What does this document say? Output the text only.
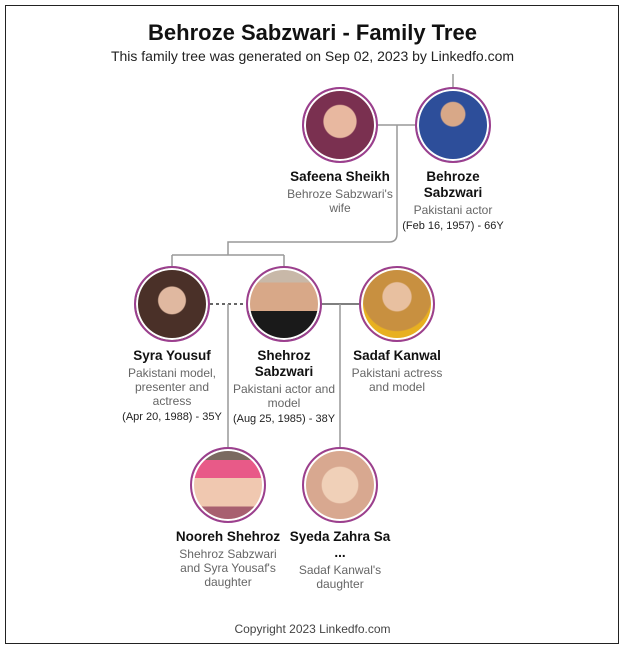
Behroze Sabzwari - Family Tree
This family tree was generated on Sep 02, 2023 by Linkedfo.com
Safeena Sheikh
Behroze Sabzwari's wife
Behroze Sabzwari
Pakistani actor
(Feb 16, 1957) - 66Y
Syra Yousuf
Pakistani model, presenter and actress
(Apr 20, 1988) - 35Y
Shehroz Sabzwari
Pakistani actor and model
(Aug 25, 1985) - 38Y
Sadaf Kanwal
Pakistani actress and model
Nooreh Shehroz
Shehroz Sabzwari and Syra Yousaf's daughter
Syeda Zahra Sa ...
Sadaf Kanwal's daughter
Copyright 2023 Linkedfo.com
